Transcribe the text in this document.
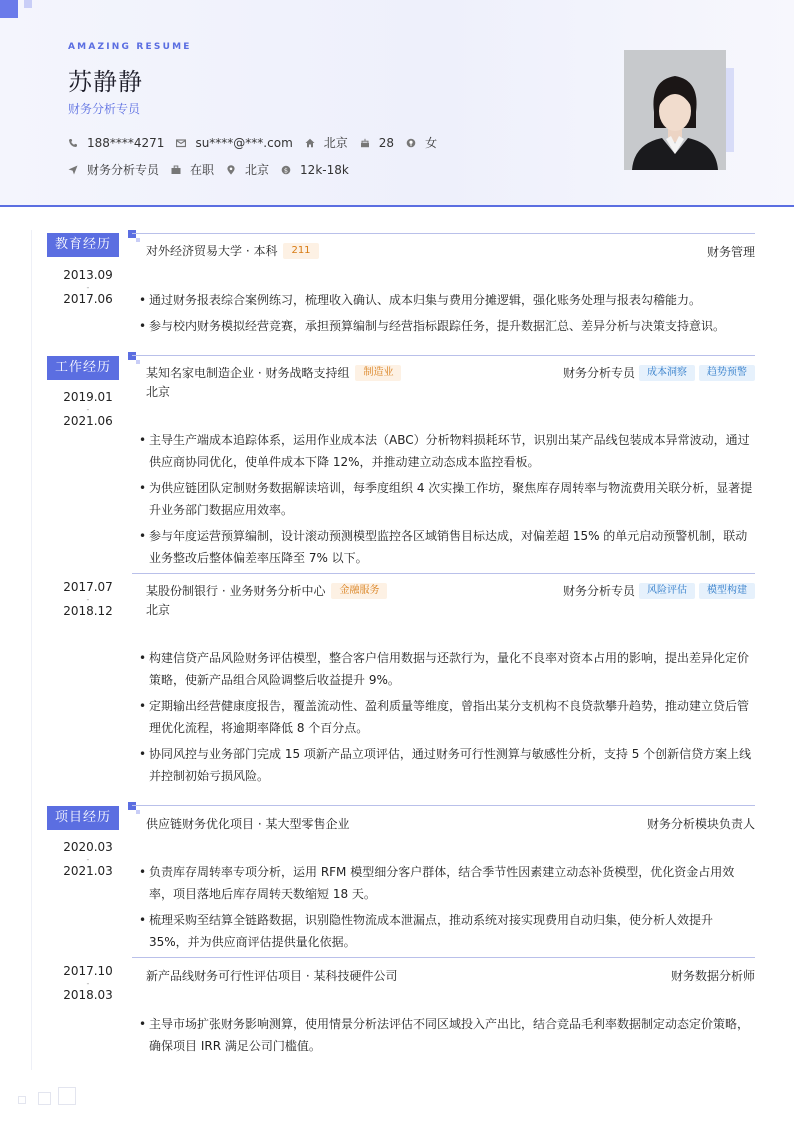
AMAZING RESUME
苏静静
财务分析专员
188****4271	su****@***.com	北京	28	女
财务分析专员	在职	北京 $ 12k-18k
教育经历
2013.09
-
2017.06
对外经济贸易大学 · 本科	211	财务管理
• 通过财务报表综合案例练习，梳理收入确认、成本归集与费用分摊逻辑，强化账务处理与报表勾稽能力。
• 参与校内财务模拟经营竞赛，承担预算编制与经营指标跟踪任务，提升数据汇总、差异分析与决策支持意识。
工作经历
2019.01
-
2021.06
某知名家电制造企业 · 财务战略支持组	制造业	财务分析专员	成本洞察	趋势预警
北京
• 主导生产端成本追踪体系，运用作业成本法（ABC）分析物料损耗环节，识别出某产品线包装成本异常波动，通过供应商协同优化，使单件成本下降 12%，并推动建立动态成本监控看板。
• 为供应链团队定制财务数据解读培训，每季度组织 4 次实操工作坊，聚焦库存周转率与物流费用关联分析，显著提升业务部门数据应用效率。
• 参与年度运营预算编制，设计滚动预测模型监控各区域销售目标达成，对偏差超 15% 的单元启动预警机制，联动业务整改后整体偏差率压降至 7% 以下。
2017.07
-
2018.12
某股份制银行 · 业务财务分析中心	金融服务	财务分析专员	风险评估	模型构建
北京
• 构建信贷产品风险财务评估模型，整合客户信用数据与还款行为，量化不良率对资本占用的影响，提出差异化定价策略，使新产品组合风险调整后收益提升 9%。
• 定期输出经营健康度报告，覆盖流动性、盈利质量等维度，曾指出某分支机构不良贷款攀升趋势，推动建立贷后管理优化流程，将逾期率降低 8 个百分点。
• 协同风控与业务部门完成 15 项新产品立项评估，通过财务可行性测算与敏感性分析，支持 5 个创新信贷方案上线并控制初始亏损风险。
项目经历
2020.03
-
2021.03
供应链财务优化项目 · 某大型零售企业	财务分析模块负责人
• 负责库存周转率专项分析，运用 RFM 模型细分客户群体，结合季节性因素建立动态补货模型，优化资金占用效率，项目落地后库存周转天数缩短 18 天。
• 梳理采购至结算全链路数据，识别隐性物流成本泄漏点，推动系统对接实现费用自动归集，使分析人效提升 35%，并为供应商评估提供量化依据。
2017.10
-
2018.03
新产品线财务可行性评估项目 · 某科技硬件公司	财务数据分析师
• 主导市场扩张财务影响测算，使用情景分析法评估不同区域投入产出比，结合竞品毛利率数据制定动态定价策略，确保项目 IRR 满足公司门槛值。
